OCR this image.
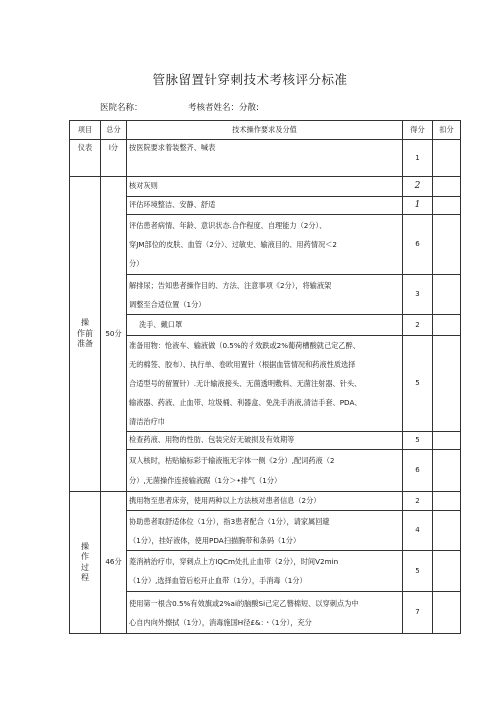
管脉留置针穿刺技术考核评分标准
医院名称：	考核者姓名：分散:
项目	总分	技术操作要求及分值	得分	扣分
仪表	l分	按医院要求着装整齐、喊表	1	

操
作前
准备	50分	核对灰则	2	

		评估环境整洁、安静、舒适	1	

		评估患者病情、年龄、意识状态.合作程度、自理能力（2分）、
穿JM部位的皮肤、血管（2分）、过敏史、输液目的、用药情况＜2
分）	6	

		解排尿；告知患者操作目的、方法、注意事项《2分），将输液架
调整至合适位置（1分）	3	

		洗手、戴口罩	2	

		准备用物：怆液车、输液做（0.5%的彳效跌或2%葡荷槽酸就己定乙醉、
无的棉签、胶布）、执行单、卷欧用置针（根据血管情况和药液性质选择
合适型号的留置针）.无计输液接头、无菌透明敷料、无菌注射器、针头、
输液器、药液、止血带、垃圾桶、利器盒、免洗手消液,清洁手套、PDA、
清洁治疗巾	5	

		检查药液、用物的性肪、包装完好无破损及有效期等	5	

		双人核时，枯贴输标彩于输液瓶无字体一侧《2分）,配词药液（2
分）,无菌操作连接输液踞（1分＞•排气（1分）	6	

操
作
过
程	46分	携用物至患者床旁，使用两种以上方法核对患者信息（2分）	2	

		协助患者取舒适体位（1分），指3患者配合（1分），请家属回避
（1分），挂好液体，使用PDA扫描腕带和条码（1分）	4	

		菱消衲治疗巾，穿刺点上方IQCm处扎止血带（2分），时间V2min
（1分）,选择血管后松开止血带（1分），手消毒（1分）	5	

		使用第一根含0.5%有效旗或2%ai的脑酸Si己定乙簪棉短、以穿刺点为中
心自内向外擦拭（1分），消毒施国H径£&：・（1分），充分	7	
